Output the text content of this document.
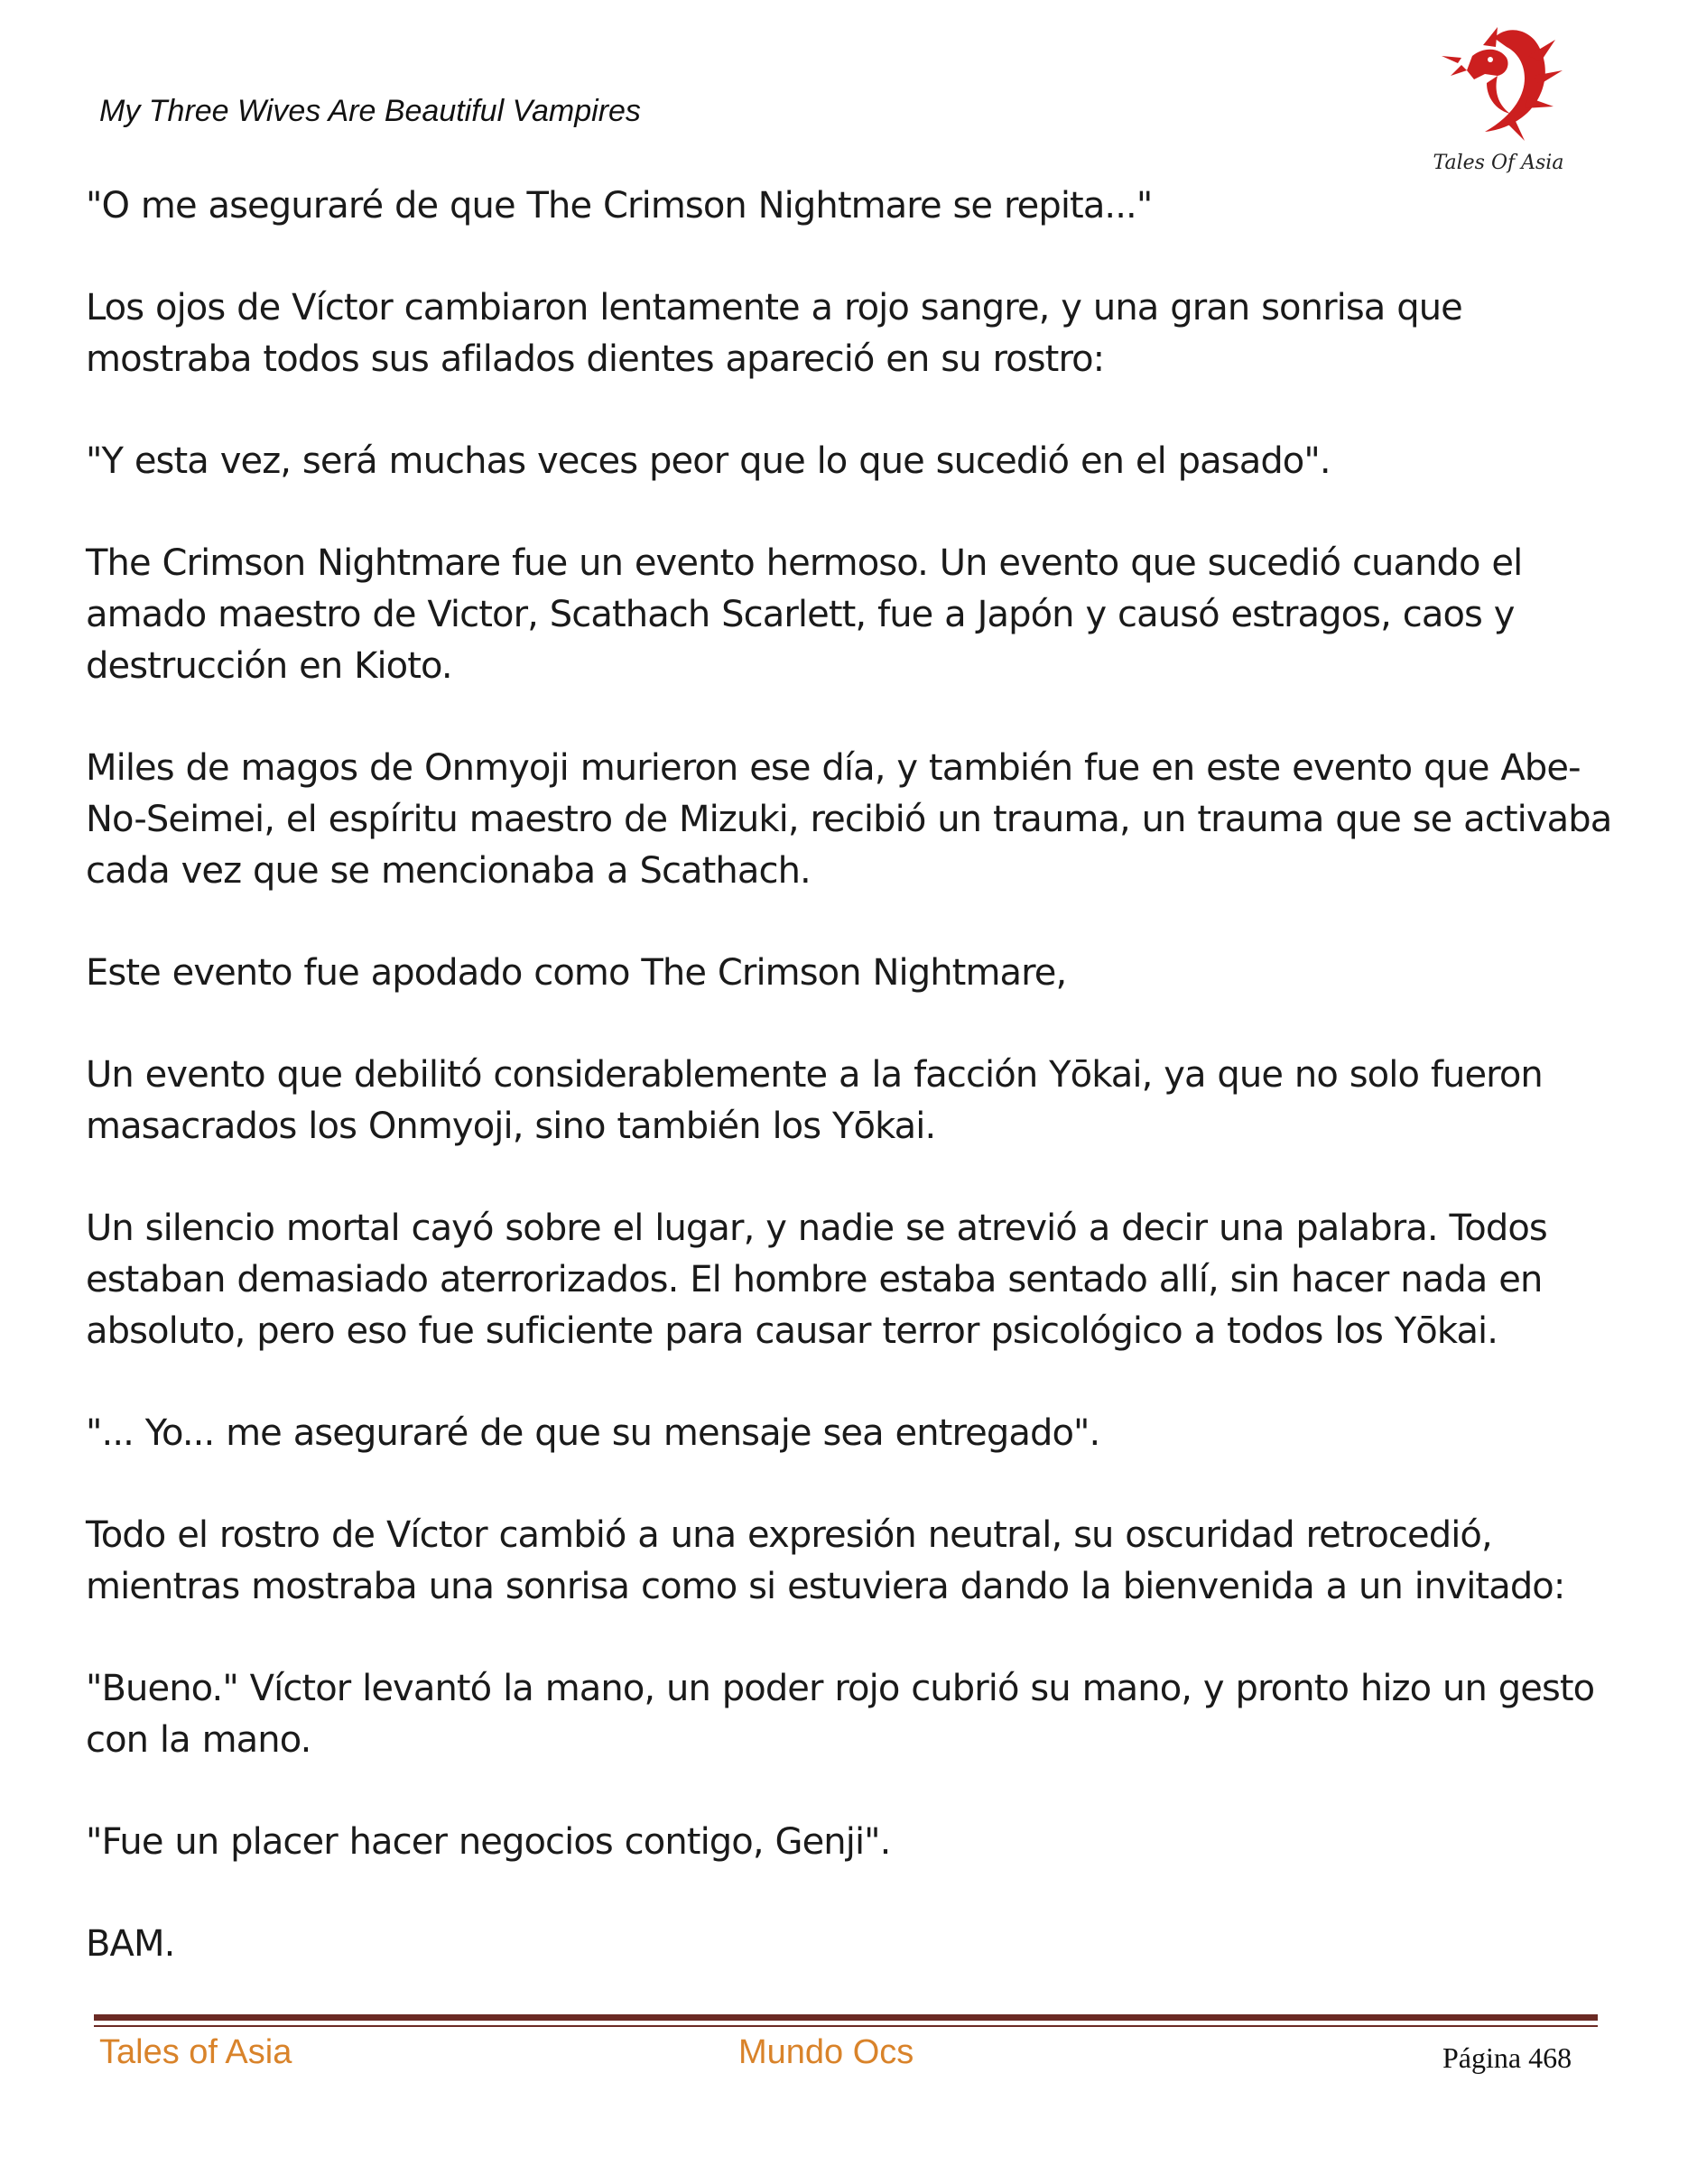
My Three Wives Are Beautiful Vampires
Tales Of Asia

"O me aseguraré de que The Crimson Nightmare se repita..."

Los ojos de Víctor cambiaron lentamente a rojo sangre, y una gran sonrisa que mostraba todos sus afilados dientes apareció en su rostro:

"Y esta vez, será muchas veces peor que lo que sucedió en el pasado".

The Crimson Nightmare fue un evento hermoso. Un evento que sucedió cuando el amado maestro de Victor, Scathach Scarlett, fue a Japón y causó estragos, caos y destrucción en Kioto.

Miles de magos de Onmyoji murieron ese día, y también fue en este evento que Abe-No-Seimei, el espíritu maestro de Mizuki, recibió un trauma, un trauma que se activaba cada vez que se mencionaba a Scathach.

Este evento fue apodado como The Crimson Nightmare,

Un evento que debilitó considerablemente a la facción Yōkai, ya que no solo fueron masacrados los Onmyoji, sino también los Yōkai.

Un silencio mortal cayó sobre el lugar, y nadie se atrevió a decir una palabra. Todos estaban demasiado aterrorizados. El hombre estaba sentado allí, sin hacer nada en absoluto, pero eso fue suficiente para causar terror psicológico a todos los Yōkai.

"... Yo... me aseguraré de que su mensaje sea entregado".

Todo el rostro de Víctor cambió a una expresión neutral, su oscuridad retrocedió, mientras mostraba una sonrisa como si estuviera dando la bienvenida a un invitado:

"Bueno." Víctor levantó la mano, un poder rojo cubrió su mano, y pronto hizo un gesto con la mano.

"Fue un placer hacer negocios contigo, Genji".

BAM.

Tales of Asia	Mundo Ocs	Página 468
